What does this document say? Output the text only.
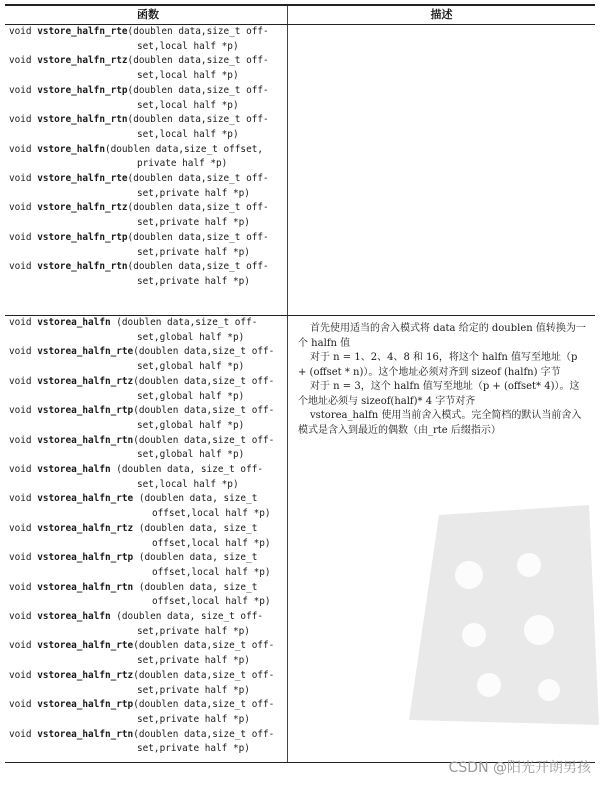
函数	描述
void vstore_halfn_rte(doublen data,size_t off-
set,local half *p)
void vstore_halfn_rtz(doublen data,size_t off-
set,local half *p)
void vstore_halfn_rtp(doublen data,size_t off-
set,local half *p)
void vstore_halfn_rtn(doublen data,size_t off-
set,local half *p)
void vstore_halfn(doublen data,size_t offset,
private half *p)
void vstore_halfn_rte(doublen data,size_t off-
set,private half *p)
void vstore_halfn_rtz(doublen data,size_t off-
set,private half *p)
void vstore_halfn_rtp(doublen data,size_t off-
set,private half *p)
void vstore_halfn_rtn(doublen data,size_t off-
set,private half *p)
void vstorea_halfn (doublen data,size_t off-
set,global half *p)
void vstorea_halfn_rte(doublen data,size_t off-
set,global half *p)
void vstorea_halfn_rtz(doublen data,size_t off-
set,global half *p)
void vstorea_halfn_rtp(doublen data,size_t off-
set,global half *p)
void vstorea_halfn_rtn(doublen data,size_t off-
set,global half *p)
void vstorea_halfn (doublen data, size_t off-
set,local half *p)
void vstorea_halfn_rte (doublen data, size_t
offset,local half *p)
void vstorea_halfn_rtz (doublen data, size_t
offset,local half *p)
void vstorea_halfn_rtp (doublen data, size_t
offset,local half *p)
void vstorea_halfn_rtn (doublen data, size_t
offset,local half *p)
void vstorea_halfn (doublen data, size_t off-
set,private half *p)
void vstorea_halfn_rte(doublen data,size_t off-
set,private half *p)
void vstorea_halfn_rtz(doublen data,size_t off-
set,private half *p)
void vstorea_halfn_rtp(doublen data,size_t off-
set,private half *p)
void vstorea_halfn_rtn(doublen data,size_t off-
set,private half *p)

首先使用适当的舍入模式将 data 给定的 doublen 值转换为一个 halfn 值

对于 n = 1、2、4、8 和 16，将这个 halfn 值写至地址（p + (offset * n)）。这个地址必须对齐到 sizeof (halfn) 字节

对于 n = 3，这个 halfn 值写至地址（p + (offset* 4)）。这个地址必须与 sizeof(half)* 4 字节对齐

vstorea_halfn 使用当前舍入模式。完全简档的默认当前舍入模式是含入到最近的偶数（由_rte 后缀指示）

CSDN @阳光开朗男孩
